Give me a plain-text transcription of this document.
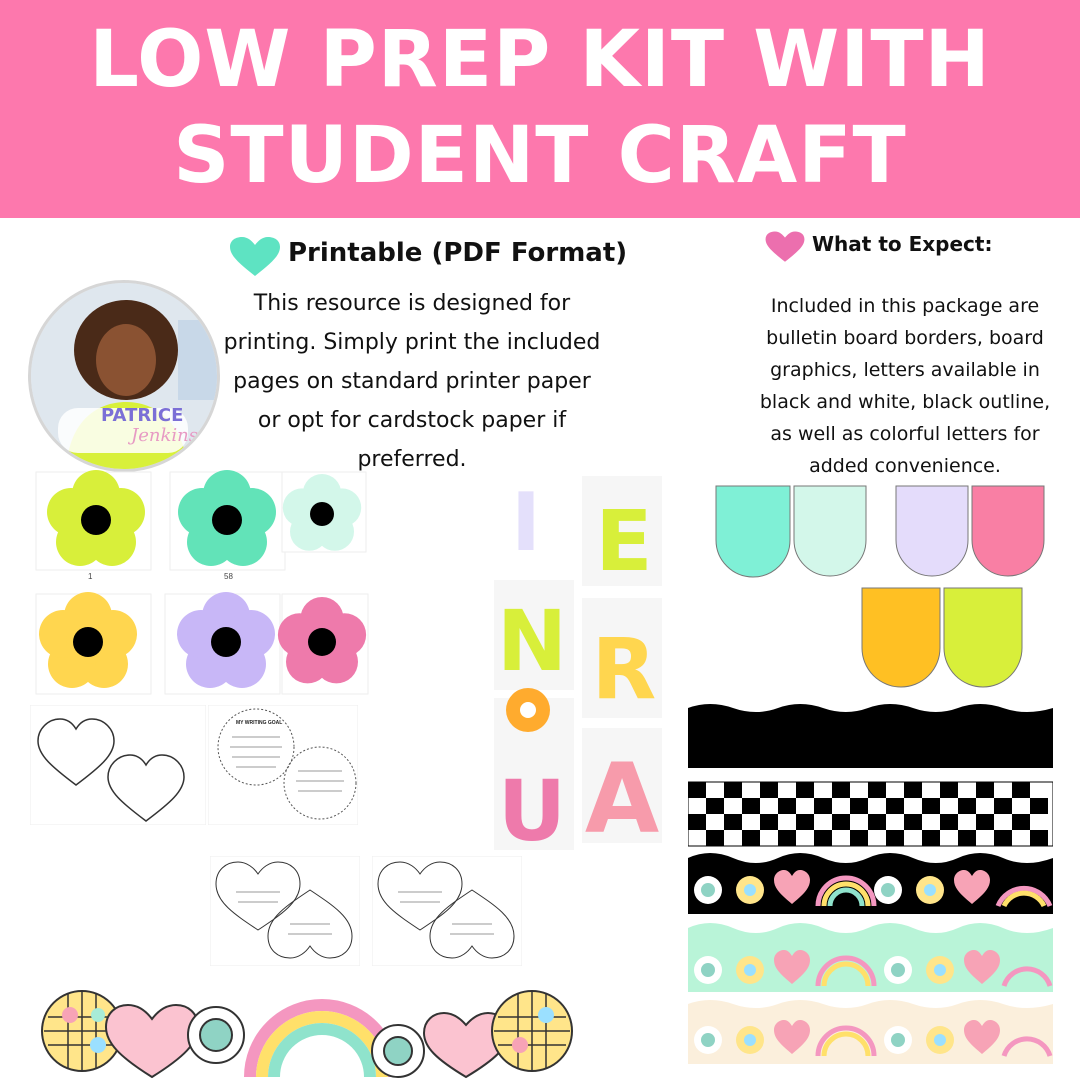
LOW PREP KIT WITH
STUDENT CRAFT
Printable (PDF Format)
This resource is designed for printing. Simply print the included pages on standard printer paper or opt for cardstock paper if preferred.
What to Expect:
Included in this package are bulletin board borders, board graphics, letters available in black and white, black outline, as well as colorful letters for added convenience.
PATRICE
Jenkins
1	58
MY WRITING GOAL
I E
N R
U A
